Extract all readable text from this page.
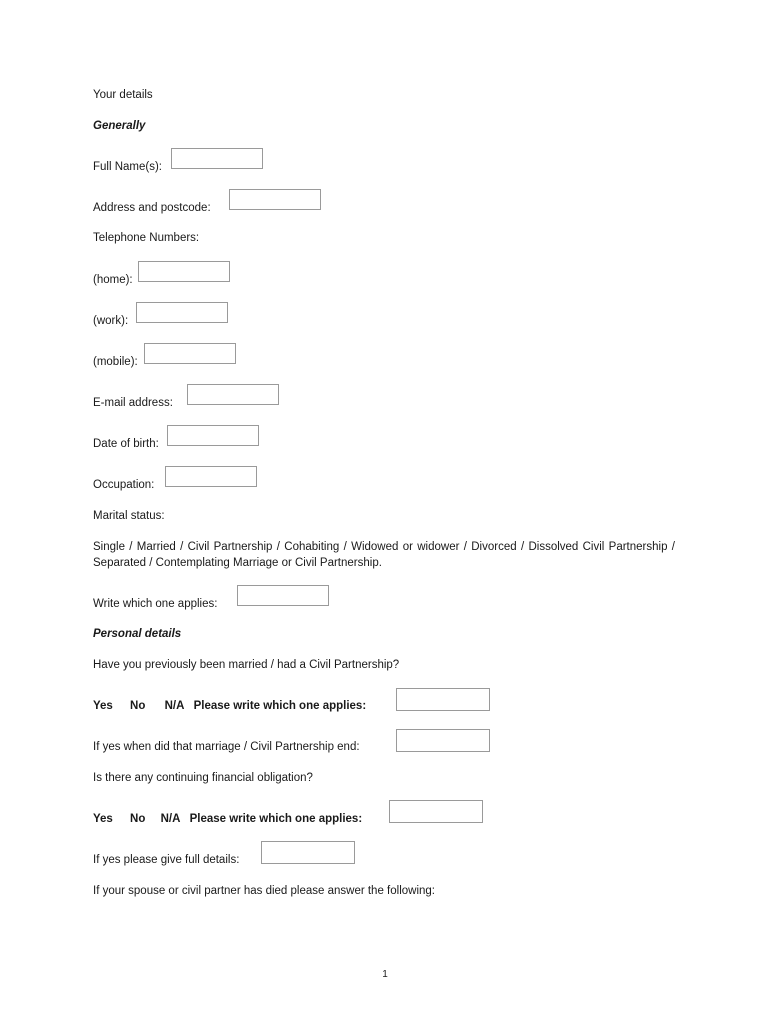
Your details
Generally
Full Name(s):
Address and postcode:
Telephone Numbers:
(home):
(work):
(mobile):
E-mail address:
Date of birth:
Occupation:
Marital status:
Single / Married / Civil Partnership / Cohabiting / Widowed or widower / Divorced / Dissolved Civil Partnership / Separated / Contemplating Marriage or Civil Partnership.
Write which one applies:
Personal details
Have you previously been married / had a Civil Partnership?
Yes No N/A Please write which one applies:
If yes when did that marriage / Civil Partnership end:
Is there any continuing financial obligation?
Yes No N/A Please write which one applies:
If yes please give full details:
If your spouse or civil partner has died please answer the following:
1
